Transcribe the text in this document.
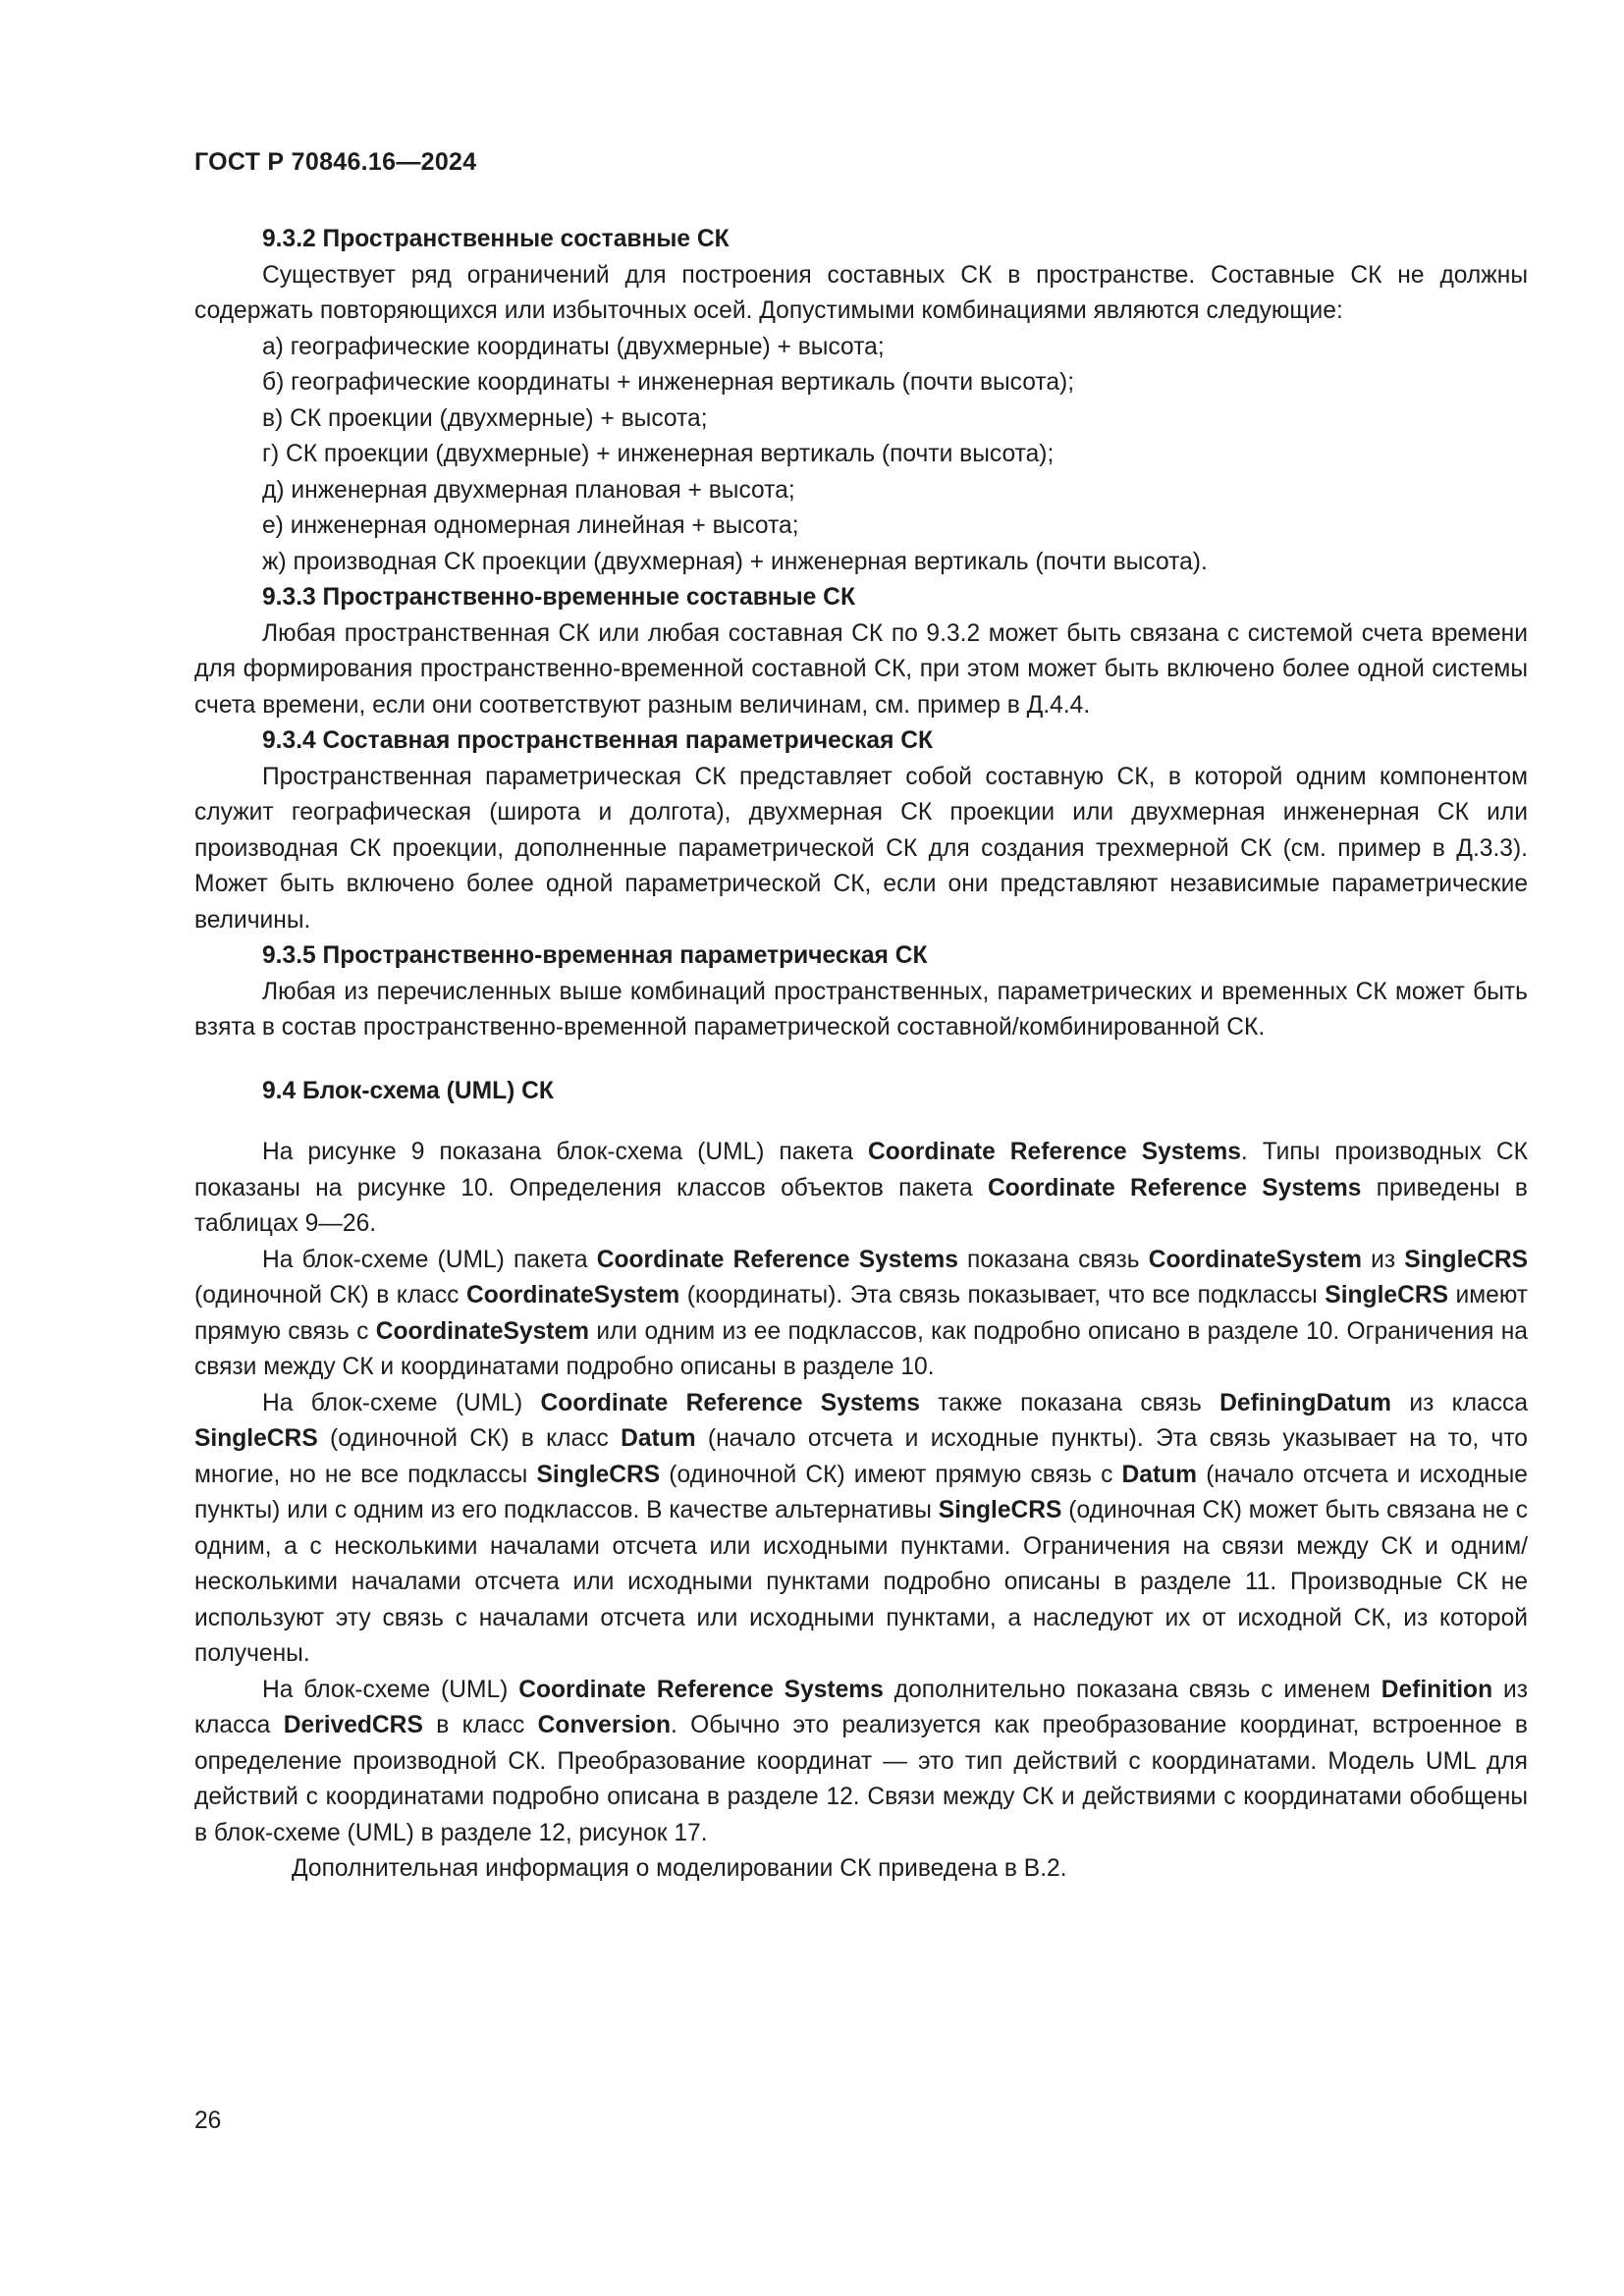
ГОСТ Р 70846.16—2024
9.3.2 Пространственные составные СК

Существует ряд ограничений для построения составных СК в пространстве. Составные СК не должны содержать повторяющихся или избыточных осей. Допустимыми комбинациями являются следующие:

а) географические координаты (двухмерные) + высота;
б) географические координаты + инженерная вертикаль (почти высота);
в) СК проекции (двухмерные) + высота;
г) СК проекции (двухмерные) + инженерная вертикаль (почти высота);
д) инженерная двухмерная плановая + высота;
е) инженерная одномерная линейная + высота;
ж) производная СК проекции (двухмерная) + инженерная вертикаль (почти высота).
9.3.3 Пространственно-временные составные СК

Любая пространственная СК или любая составная СК по 9.3.2 может быть связана с системой счета времени для формирования пространственно-временной составной СК, при этом может быть включено более одной системы счета времени, если они соответствуют разным величинам, см. пример в Д.4.4.

9.3.4 Составная пространственная параметрическая СК

Пространственная параметрическая СК представляет собой составную СК, в которой одним компонентом служит географическая (широта и долгота), двухмерная СК проекции или двухмерная инженерная СК или производная СК проекции, дополненные параметрической СК для создания трехмерной СК (см. пример в Д.3.3). Может быть включено более одной параметрической СК, если они представляют независимые параметрические величины.

9.3.5 Пространственно-временная параметрическая СК

Любая из перечисленных выше комбинаций пространственных, параметрических и временных СК может быть взята в состав пространственно-временной параметрической составной/комбинированной СК.

9.4 Блок-схема (UML) СК

На рисунке 9 показана блок-схема (UML) пакета Coordinate Reference Systems. Типы производных СК показаны на рисунке 10. Определения классов объектов пакета Coordinate Reference Systems приведены в таблицах 9—26.

На блок-схеме (UML) пакета Coordinate Reference Systems показана связь CoordinateSystem из SingleCRS (одиночной СК) в класс CoordinateSystem (координаты). Эта связь показывает, что все подклассы SingleCRS имеют прямую связь с CoordinateSystem или одним из ее подклассов, как подробно описано в разделе 10. Ограничения на связи между СК и координатами подробно описаны в разделе 10.

На блок-схеме (UML) Coordinate Reference Systems также показана связь DefiningDatum из класса SingleCRS (одиночной СК) в класс Datum (начало отсчета и исходные пункты). Эта связь указывает на то, что многие, но не все подклассы SingleCRS (одиночной СК) имеют прямую связь с Datum (начало отсчета и исходные пункты) или с одним из его подклассов. В качестве альтернативы SingleCRS (одиночная СК) может быть связана не с одним, а с несколькими началами отсчета или исходными пунктами. Ограничения на связи между СК и одним/несколькими началами отсчета или исходными пунктами подробно описаны в разделе 11. Производные СК не используют эту связь с началами отсчета или исходными пунктами, а наследуют их от исходной СК, из которой получены.

На блок-схеме (UML) Coordinate Reference Systems дополнительно показана связь с именем Definition из класса DerivedCRS в класс Conversion. Обычно это реализуется как преобразование координат, встроенное в определение производной СК. Преобразование координат — это тип действий с координатами. Модель UML для действий с координатами подробно описана в разделе 12. Связи между СК и действиями с координатами обобщены в блок-схеме (UML) в разделе 12, рисунок 17.

Дополнительная информация о моделировании СК приведена в В.2.

26
